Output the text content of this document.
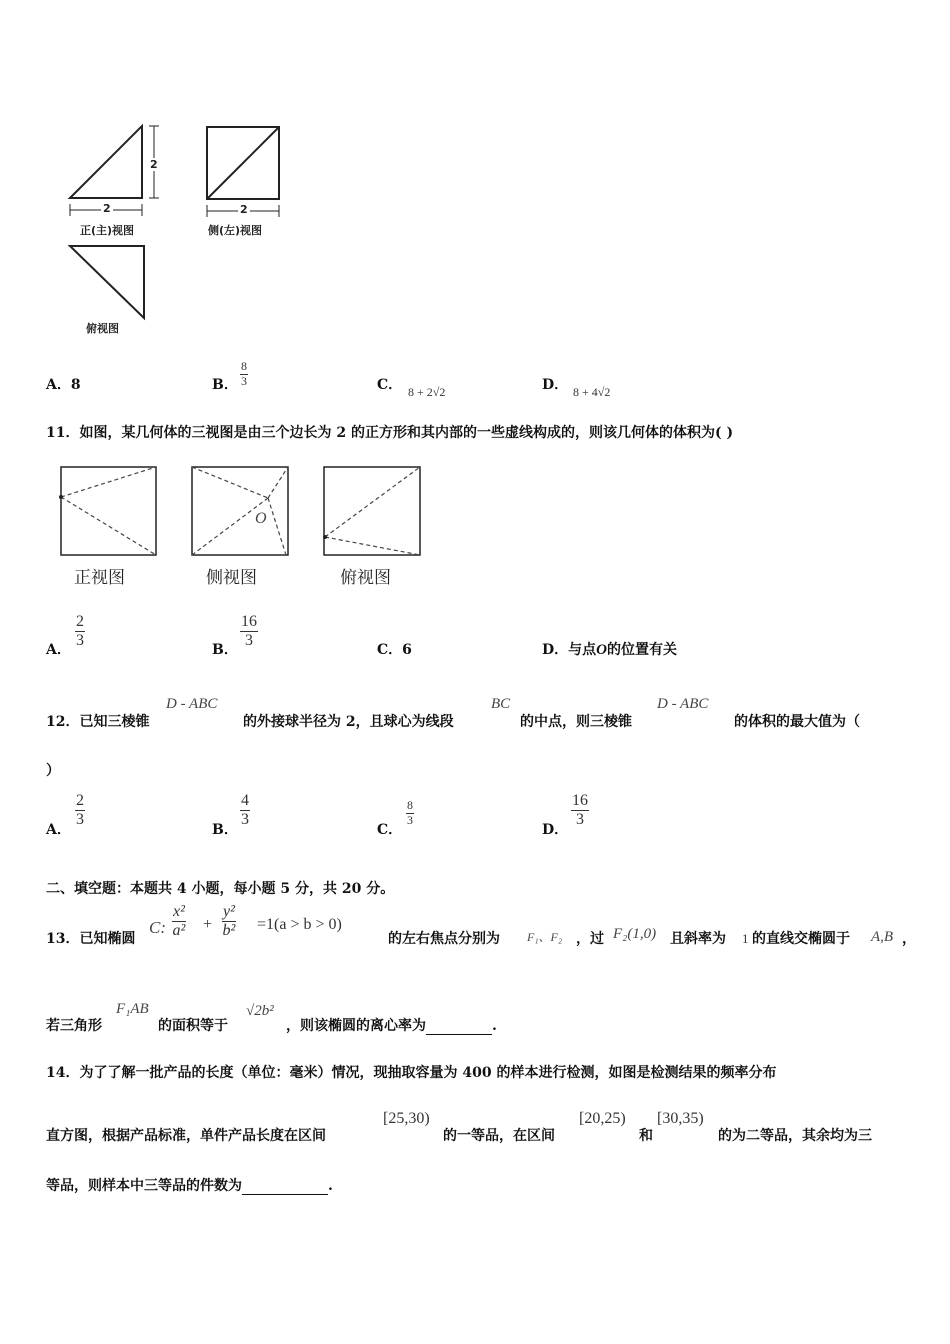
2
2
正(主)视图
2
侧(左)视图
俯视图
A．8	B． $\frac{8}{3}$	C． 8 + 2√2	D． 8 + 4√2
11．如图，某几何体的三视图是由三个边长为 2 的正方形和其内部的一些虚线构成的，则该几何体的体积为( )
正视图
O
侧视图	俯视图
A． $\frac{2}{3}$	B． $\frac{16}{3}$	C．6	D．与点O的位置有关
12．已知三棱锥
D - ABC
的外接球半径为 2，且球心为线段
BC
的中点，则三棱锥
D - ABC
的体积的最大值为（
）
A．
$\frac{2}{3}$
B．
$\frac{4}{3}$
C．
$\frac{8}{3}$
D．
$\frac{16}{3}$
二、填空题：本题共 4 小题，每小题 5 分，共 20 分。
13．已知椭圆
C: $\frac{\text{x²}}{\text{a²}} + \frac{\text{y²}}{\text{b²}} =1(a > b > 0)$
的左右焦点分别为 F₁、F₂ ，过 F₂(1,0) 且斜率为 1 的直线交椭圆于 A,B ，
若三角形
F₁AB
的面积等于
√2b²
，则该椭圆的离心率为	.
14．为了了解一批产品的长度（单位：毫米）情况，现抽取容量为 400 的样本进行检测，如图是检测结果的频率分布
直方图，根据产品标准，单件产品长度在区间
[25,30)
的一等品，在区间
[20,25)
和
[30,35)
的为二等品，其余均为三
等品，则样本中三等品的件数为	.
